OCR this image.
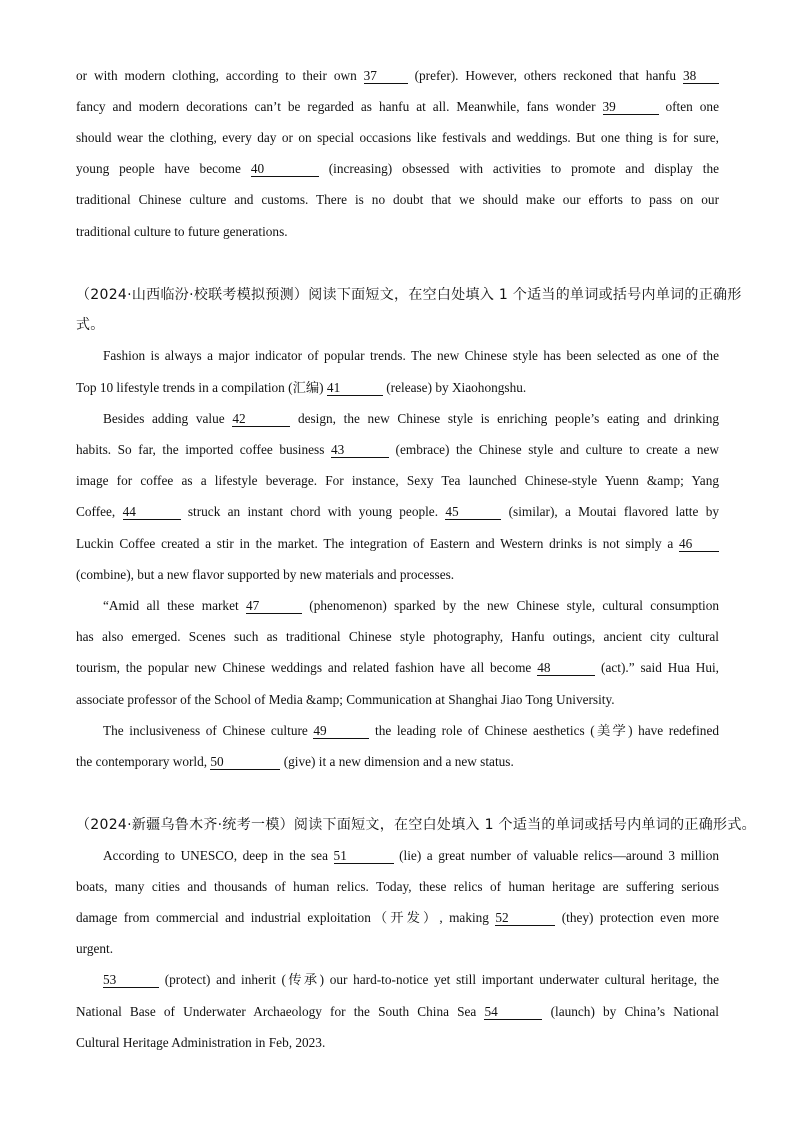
or with modern clothing, according to their own 37 (prefer). However, others reckoned that hanfu 38
fancy and modern decorations can’t be regarded as hanfu at all. Meanwhile, fans wonder 39	often one
should wear the clothing, every day or on special occasions like festivals and weddings. But one thing is for sure,
young people have become 40	(increasing) obsessed with activities to promote and display the
traditional Chinese culture and customs. There is no doubt that we should make our efforts to pass on our
traditional culture to future generations.
（2024·山西临汾·校联考模拟预测）阅读下面短文，在空白处填入 1 个适当的单词或括号内单词的正确形
式。
Fashion is always a major indicator of popular trends. The new Chinese style has been selected as one of the
Top 10 lifestyle trends in a compilation (汇编) 41	(release) by Xiaohongshu.
Besides adding value 42	design, the new Chinese style is enriching people’s eating and drinking
habits. So far, the imported coffee business 43	(embrace) the Chinese style and culture to create a new
image for coffee as a lifestyle beverage. For instance, Sexy Tea launched Chinese-style Yuenn &amp; Yang
Coffee, 44	struck an instant chord with young people. 45	(similar), a Moutai flavored latte by
Luckin Coffee created a stir in the market. The integration of Eastern and Western drinks is not simply a 46
(combine), but a new flavor supported by new materials and processes.
“Amid all these market 47	(phenomenon) sparked by the new Chinese style, cultural consumption
has also emerged. Scenes such as traditional Chinese style photography, Hanfu outings, ancient city cultural
tourism, the popular new Chinese weddings and related fashion have all become 48	(act).” said Hua Hui,
associate professor of the School of Media &amp; Communication at Shanghai Jiao Tong University.
The inclusiveness of Chinese culture 49	the leading role of Chinese aesthetics (美学) have redefined
the contemporary world, 50	(give) it a new dimension and a new status.
（2024·新疆乌鲁木齐·统考一模）阅读下面短文，在空白处填入 1 个适当的单词或括号内单词的正确形式。
According to UNESCO, deep in the sea 51	(lie) a great number of valuable relics—around 3 million
boats, many cities and thousands of human relics. Today, these relics of human heritage are suffering serious
damage from commercial and industrial exploitation（开发）, making 52	(they) protection even more
urgent.
53	(protect) and inherit (传承) our hard-to-notice yet still important underwater cultural heritage, the
National Base of Underwater Archaeology for the South China Sea 54	(launch) by China’s National
Cultural Heritage Administration in Feb, 2023.
